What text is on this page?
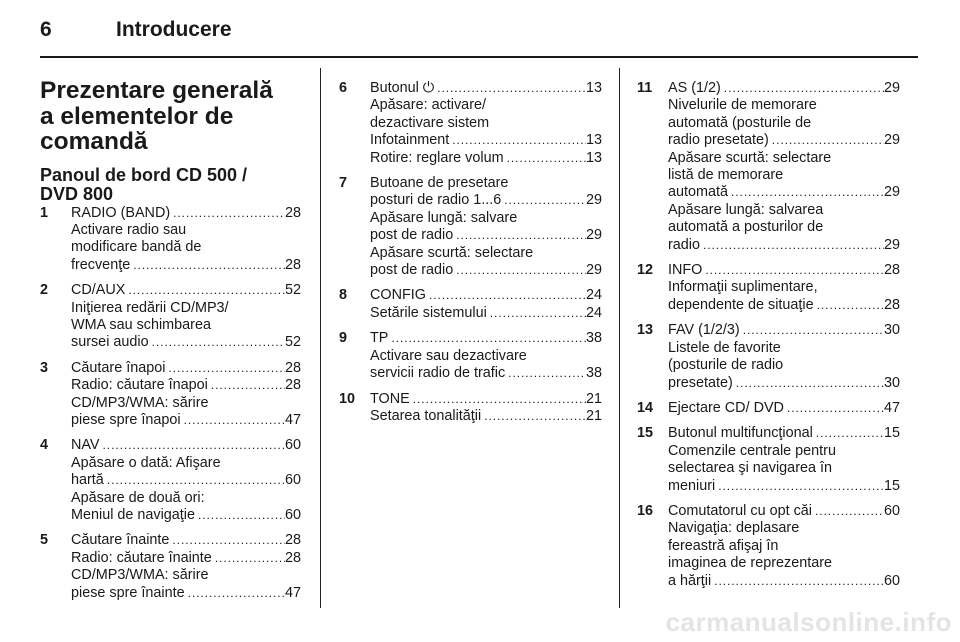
6	Introducere
Prezentare generală
a elementelor de comandă
Panoul de bord CD 500 /
DVD 800
1 RADIO (BAND) . . .	28
Activare radio sau
modificare bandă de
frecvenţe . . .	28
2 CD/AUX . . .	52
Iniţierea redării CD/MP3/
WMA sau schimbarea
sursei audio . . .	52
3 Căutare înapoi . . .	28
Radio: căutare înapoi . . .	28
CD/MP3/WMA: sărire
piese spre înapoi . . .	47
4 NAV . . .	60
Apăsare o dată: Afişare
hartă . . .	60
Apăsare de două ori:
Meniul de navigaţie . . .	60
5 Căutare înainte . . .	28
Radio: căutare înainte . . .	28
CD/MP3/WMA: sărire
piese spre înainte . . .	47
6 Butonul ⏻ . . .	13
Apăsare: activare/
dezactivare sistem
Infotainment . . .	13
Rotire: reglare volum . . .	13
7 Butoane de presetare
posturi de radio 1...6 . . .	29
Apăsare lungă: salvare
post de radio . . .	29
Apăsare scurtă: selectare
post de radio . . .	29
8 CONFIG . . .	24
Setările sistemului . . .	24
9 TP . . .	38
Activare sau dezactivare
servicii radio de trafic . . .	38
10 TONE . . .	21
Setarea tonalităţii . . .	21
11 AS (1/2) . . .	29
Nivelurile de memorare
automată (posturile de
radio presetate) . . .	29
Apăsare scurtă: selectare
listă de memorare
automată . . .	29
Apăsare lungă: salvarea
automată a posturilor de
radio . . .	29
12 INFO . . .	28
Informaţii suplimentare,
dependente de situaţie . . .	28
13 FAV (1/2/3) . . .	30
Listele de favorite
(posturile de radio
presetate) . . .	30
14 Ejectare CD/ DVD . . .	47
15 Butonul multifuncţional . . .	15
Comenzile centrale pentru
selectarea şi navigarea în
meniuri . . .	15
16 Comutatorul cu opt căi . . .	60
Navigaţia: deplasare
fereastră afişaj în
imaginea de reprezentare
a hărţii . . .	60
carmanualsonline.info
